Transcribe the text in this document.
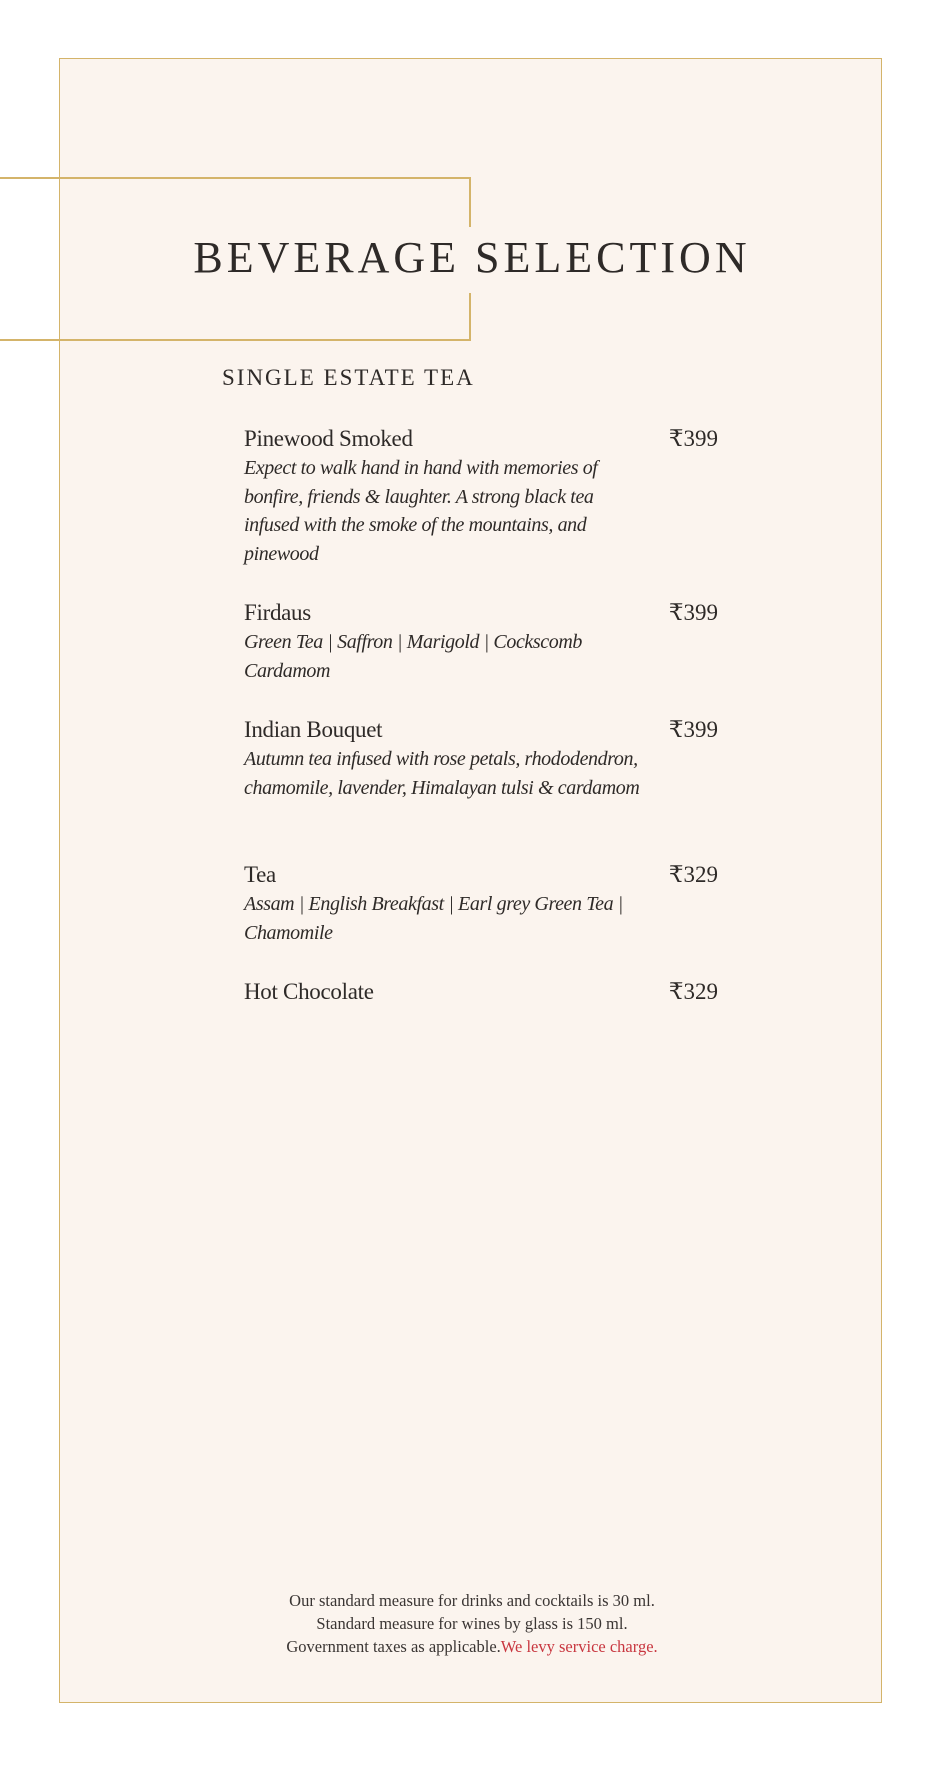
BEVERAGE SELECTION
SINGLE ESTATE TEA
Pinewood Smoked	₹399
Expect to walk hand in hand with memories of bonfire, friends & laughter. A strong black tea infused with the smoke of the mountains, and pinewood
Firdaus	₹399
Green Tea | Saffron | Marigold | Cockscomb Cardamom
Indian Bouquet	₹399
Autumn tea infused with rose petals, rhododendron, chamomile, lavender, Himalayan tulsi & cardamom
Tea	₹329
Assam | English Breakfast | Earl grey Green Tea | Chamomile
Hot Chocolate	₹329
Our standard measure for drinks and cocktails is 30 ml.
Standard measure for wines by glass is 150 ml.
Government taxes as applicable.We levy service charge.
